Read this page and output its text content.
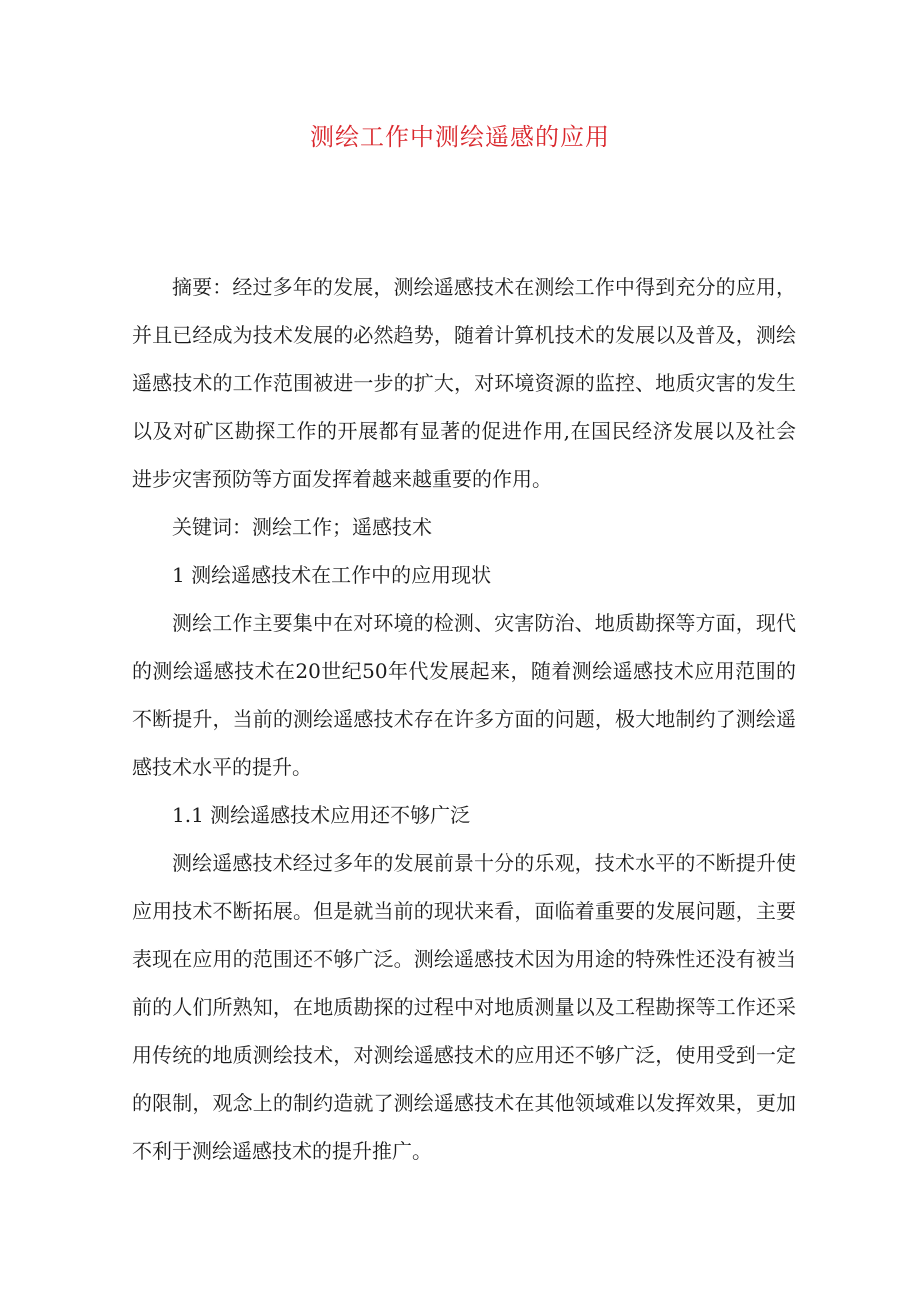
测绘工作中测绘遥感的应用

摘要：经过多年的发展，测绘遥感技术在测绘工作中得到充分的应用，并且已经成为技术发展的必然趋势，随着计算机技术的发展以及普及，测绘遥感技术的工作范围被进一步的扩大，对环境资源的监控、地质灾害的发生以及对矿区勘探工作的开展都有显著的促进作用,在国民经济发展以及社会进步灾害预防等方面发挥着越来越重要的作用。

关键词：测绘工作；遥感技术

1 测绘遥感技术在工作中的应用现状

测绘工作主要集中在对环境的检测、灾害防治、地质勘探等方面，现代的测绘遥感技术在20世纪50年代发展起来，随着测绘遥感技术应用范围的不断提升，当前的测绘遥感技术存在许多方面的问题，极大地制约了测绘遥感技术水平的提升。

1.1 测绘遥感技术应用还不够广泛

测绘遥感技术经过多年的发展前景十分的乐观，技术水平的不断提升使应用技术不断拓展。但是就当前的现状来看，面临着重要的发展问题，主要表现在应用的范围还不够广泛。测绘遥感技术因为用途的特殊性还没有被当前的人们所熟知，在地质勘探的过程中对地质测量以及工程勘探等工作还采用传统的地质测绘技术，对测绘遥感技术的应用还不够广泛，使用受到一定的限制，观念上的制约造就了测绘遥感技术在其他领域难以发挥效果，更加不利于测绘遥感技术的提升推广。
